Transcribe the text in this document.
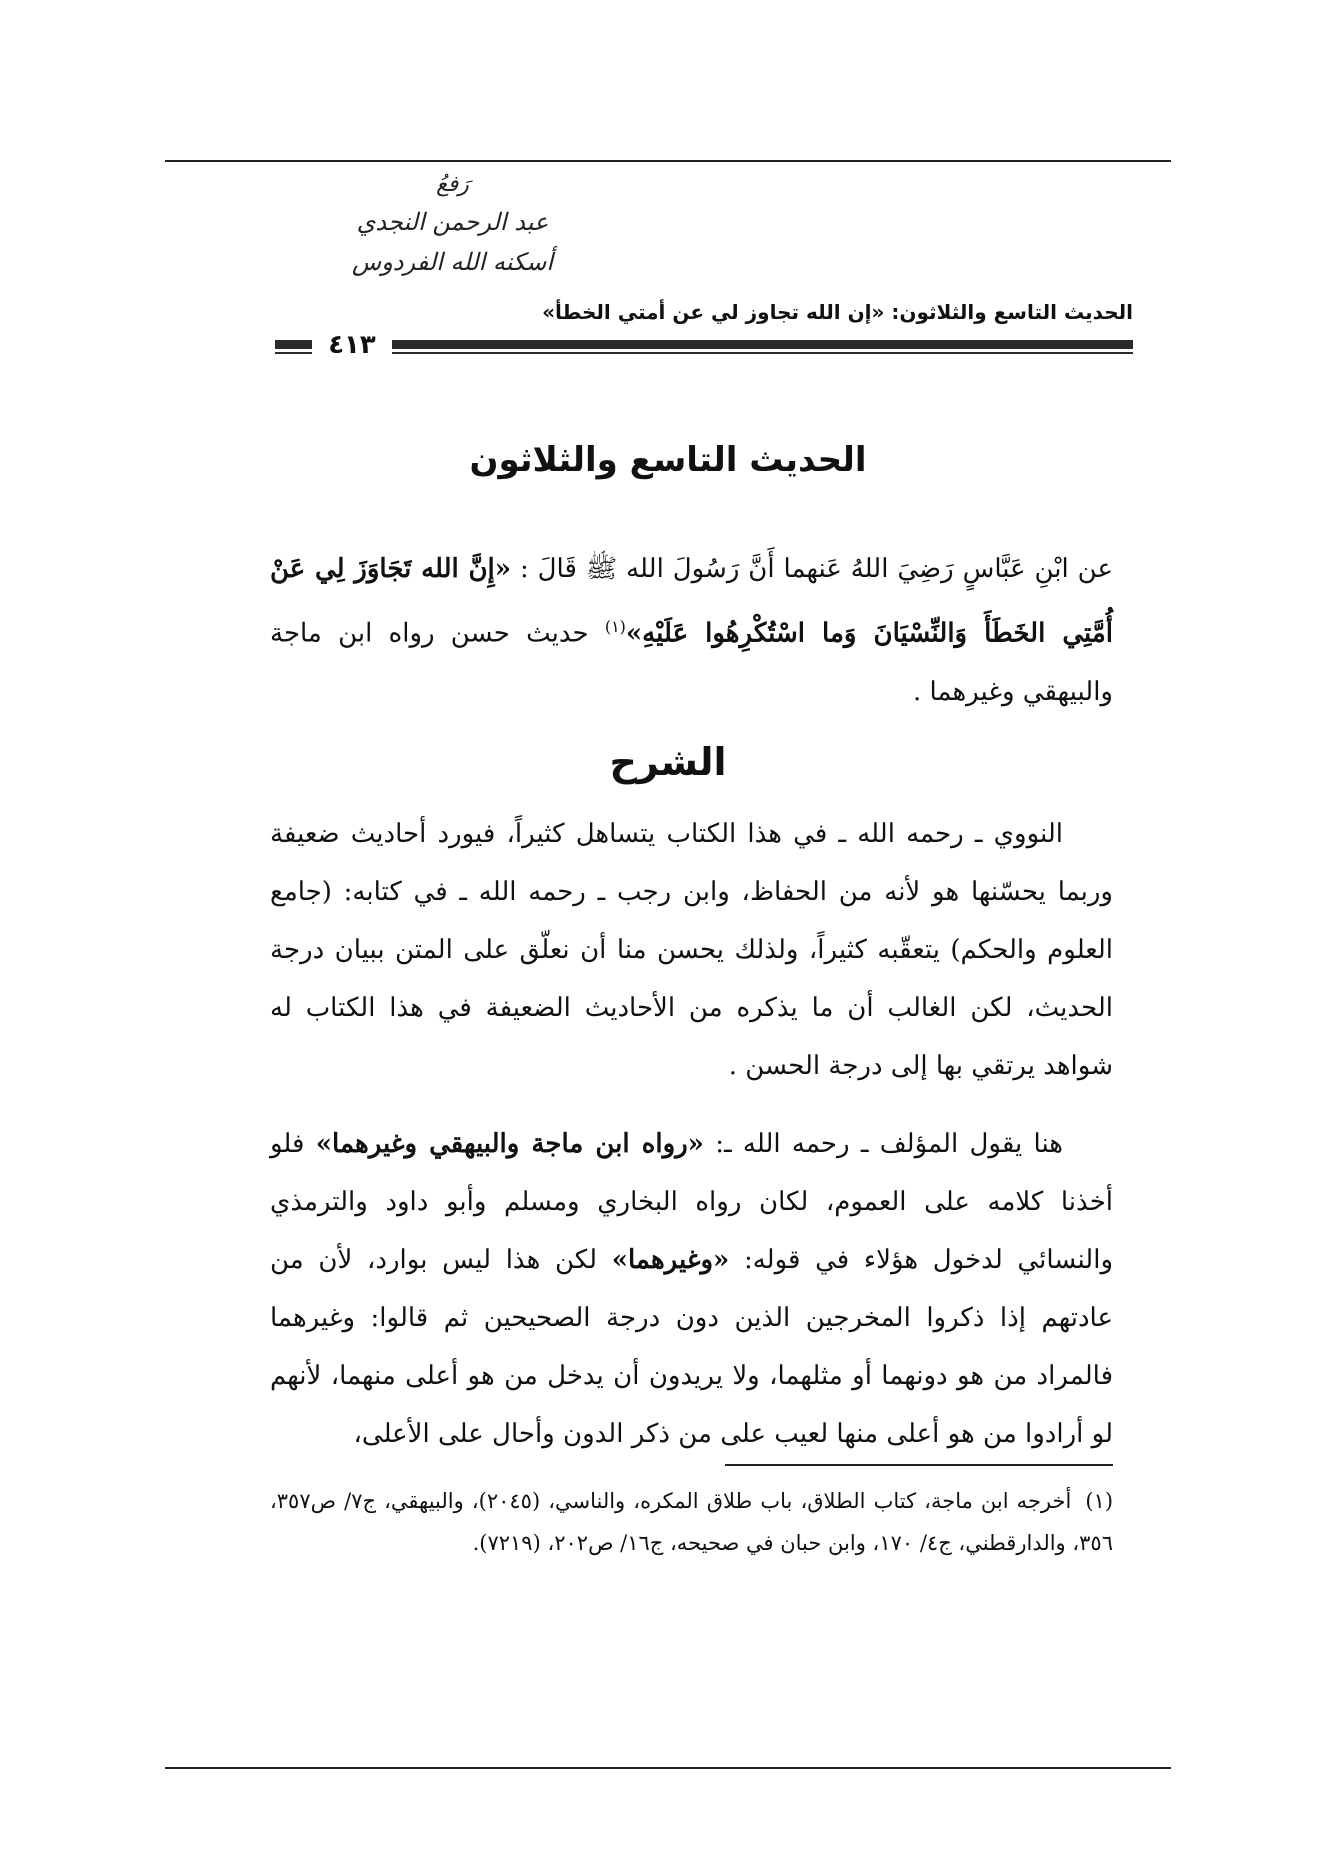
رَفعُ
عبد الرحمن النجدي
أسكنه الله الفردوس
الحديث التاسع والثلاثون: «إن الله تجاوز لي عن أمتي الخطأ»
٤١٣
الحديث التاسع والثلاثون
عن ابْنِ عَبَّاسٍ رَضِيَ اللهُ عَنهما أَنَّ رَسُولَ الله ﷺ قَالَ : «إِنَّ الله تَجَاوَزَ لِي عَنْ أُمَّتِي الخَطَأَ وَالنِّسْيَانَ وَما اسْتُكْرِهُوا عَلَيْهِ»$^{(١)}$ حديث حسن رواه ابن ماجة والبيهقي وغيرهما .
الشرح
النووي ـ رحمه الله ـ في هذا الكتاب يتساهل كثيراً، فيورد أحاديث ضعيفة وربما يحسّنها هو لأنه من الحفاظ، وابن رجب ـ رحمه الله ـ في كتابه: (جامع العلوم والحكم) يتعقّبه كثيراً، ولذلك يحسن منا أن نعلّق على المتن ببيان درجة الحديث، لكن الغالب أن ما يذكره من الأحاديث الضعيفة في هذا الكتاب له شواهد يرتقي بها إلى درجة الحسن .
هنا يقول المؤلف ـ رحمه الله ـ: «رواه ابن ماجة والبيهقي وغيرهما» فلو أخذنا كلامه على العموم، لكان رواه البخاري ومسلم وأبو داود والترمذي والنسائي لدخول هؤلاء في قوله: «وغيرهما» لكن هذا ليس بوارد، لأن من عادتهم إذا ذكروا المخرجين الذين دون درجة الصحيحين ثم قالوا: وغيرهما فالمراد من هو دونهما أو مثلهما، ولا يريدون أن يدخل من هو أعلى منهما، لأنهم لو أرادوا من هو أعلى منها لعيب على من ذكر الدون وأحال على الأعلى،
(١)أخرجه ابن ماجة، كتاب الطلاق، باب طلاق المكره، والناسي، (٢٠٤٥)، والبيهقي، ج٧/ ص٣٥٧، ٣٥٦، والدارقطني، ج٤/ ١٧٠، وابن حبان في صحيحه، ج١٦/ ص٢٠٢، (٧٢١٩).
